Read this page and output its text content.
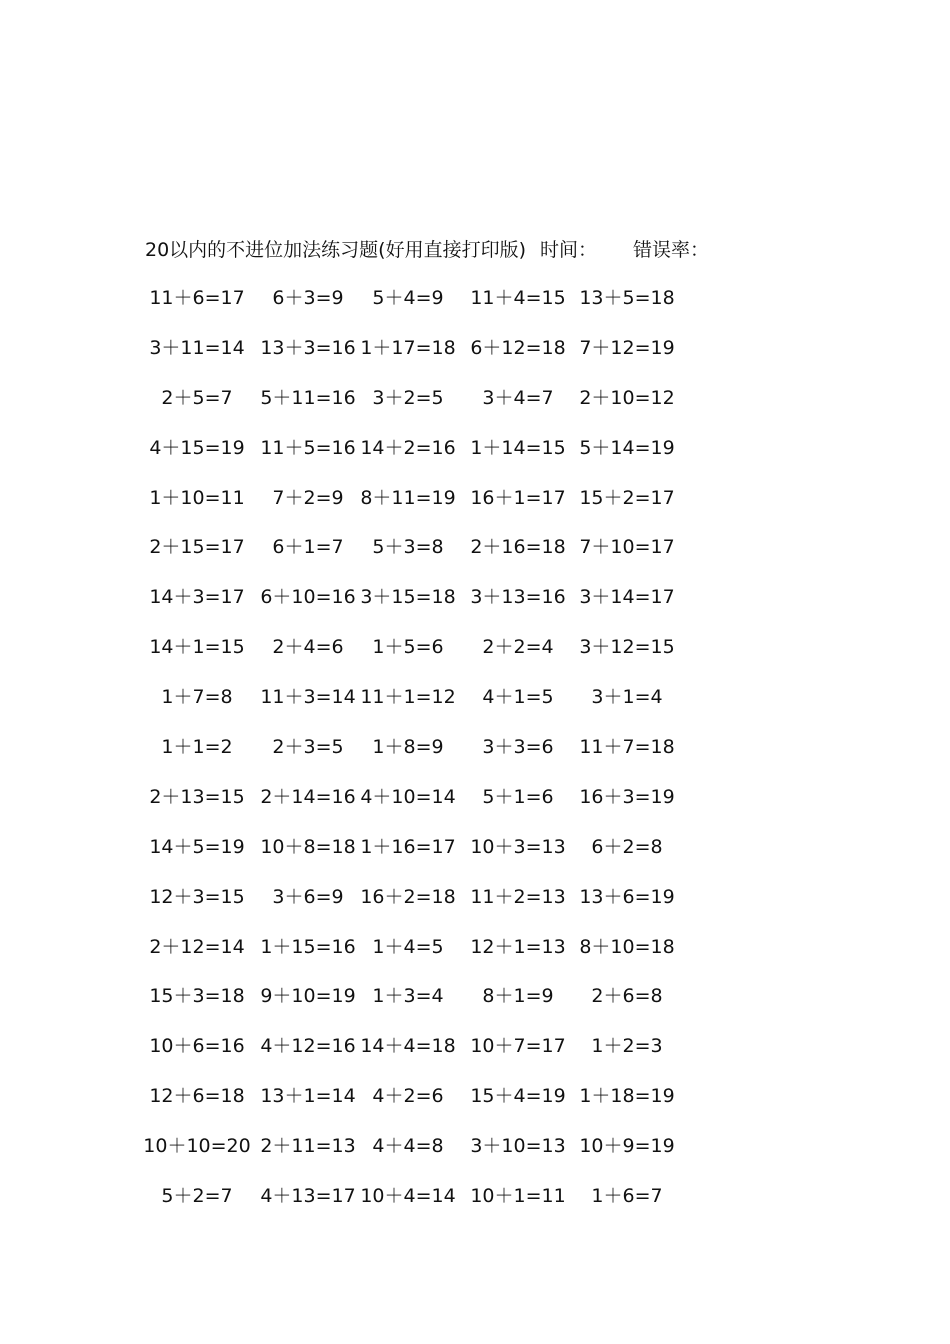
20以内的不进位加法练习题(好用直接打印版) 时间： 错误率：
11＋6=17	6＋3=9	5＋4=9	11＋4=15 13＋5=18
3＋11=14 13＋3=16 1＋17=18 6＋12=18 7＋12=19
2＋5=7	5＋11=16 3＋2=5	3＋4=7	2＋10=12
4＋15=19 11＋5=16 14＋2=16 1＋14=15 5＋14=19
1＋10=11	7＋2=9 8＋11=19 16＋1=17 15＋2=17
2＋15=17	6＋1=7	5＋3=8	2＋16=18 7＋10=17
14＋3=17 6＋10=16 3＋15=18 3＋13=16 3＋14=17
14＋1=15	2＋4=6	1＋5=6	2＋2=4	3＋12=15
1＋7=8	11＋3=14 11＋1=12	4＋1=5	3＋1=4
1＋1=2	2＋3=5	1＋8=9	3＋3=6	11＋7=18
2＋13=15 2＋14=16 4＋10=14	5＋1=6	16＋3=19
14＋5=19 10＋8=18 1＋16=17 10＋3=13	6＋2=8
12＋3=15	3＋6=9 16＋2=18 11＋2=13 13＋6=19
2＋12=14 1＋15=16 1＋4=5	12＋1=13 8＋10=18
15＋3=18 9＋10=19 1＋3=4	8＋1=9	2＋6=8
10＋6=16 4＋12=16 14＋4=18 10＋7=17	1＋2=3
12＋6=18 13＋1=14 4＋2=6	15＋4=19 1＋18=19
10＋10=20 2＋11=13 4＋4=8	3＋10=13 10＋9=19
5＋2=7	4＋13=17 10＋4=14 10＋1=11	1＋6=7
